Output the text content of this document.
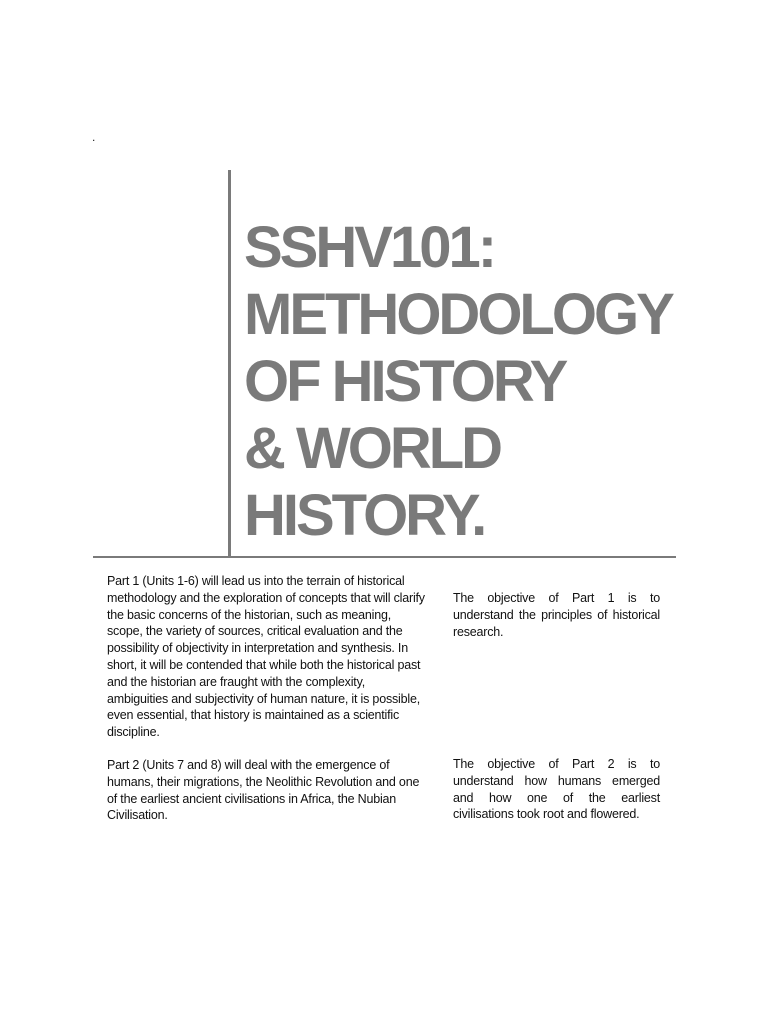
.
SSHV101:
METHODOLOGY
OF HISTORY
& WORLD
HISTORY.

Part 1 (Units 1-6) will lead us into the terrain of historical methodology and the exploration of concepts that will clarify the basic concerns of the historian, such as meaning, scope, the variety of sources, critical evaluation and the possibility of objectivity in interpretation and synthesis. In short, it will be contended that while both the historical past and the historian are fraught with the complexity, ambiguities and subjectivity of human nature, it is possible, even essential, that history is maintained as a scientific discipline.

Part 2 (Units 7 and 8) will deal with the emergence of humans, their migrations, the Neolithic Revolution and one of the earliest ancient civilisations in Africa, the Nubian Civilisation.

The objective of Part 1 is to understand the principles of historical research.

The objective of Part 2 is to understand how humans emerged and how one of the earliest civilisations took root and flowered.
